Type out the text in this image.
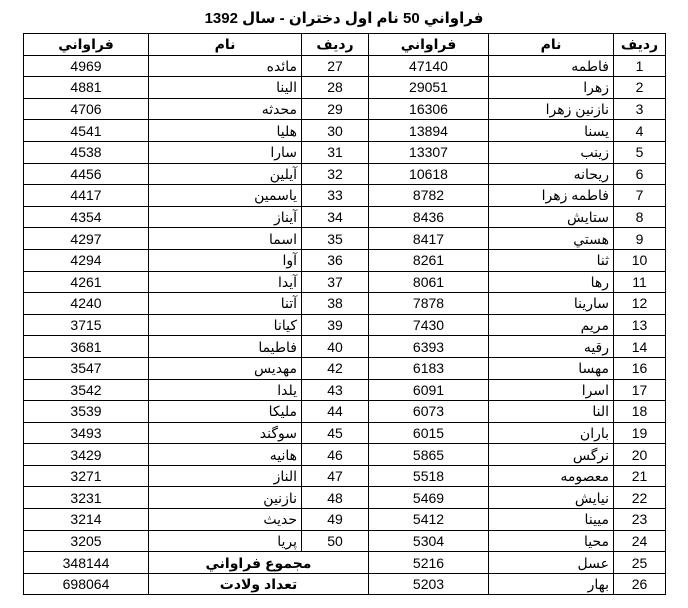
فراواني 50 نام اول دختران - سال 1392
فراواني	نام	رديف	فراواني	نام	رديف
4969	مائده	27	47140	فاطمه	1
4881	الينا	28	29051	زهرا	2
4706	محدثه	29	16306	نازنين زهرا	3
4541	هليا	30	13894	يسنا	4
4538	سارا	31	13307	زينب	5
4456	آيلين	32	10618	ريحانه	6
4417	ياسمين	33	8782	فاطمه زهرا	7
4354	آيناز	34	8436	ستايش	8
4297	اسما	35	8417	هستي	9
4294	آوا	36	8261	ثنا	10
4261	آيدا	37	8061	رها	11
4240	آتنا	38	7878	سارينا	12
3715	كيانا	39	7430	مريم	13
3681	فاطيما	40	6393	رقيه	14
3547	مهديس	42	6183	مهسا	16
3542	يلدا	43	6091	اسرا	17
3539	مليكا	44	6073	النا	18
3493	سوگند	45	6015	باران	19
3429	هانيه	46	5865	نرگس	20
3271	الناز	47	5518	معصومه	21
3231	نازنين	48	5469	نيايش	22
3214	حديث	49	5412	ميينا	23
3205	پريا	50	5304	محيا	24
348144	مجموع فراواني		5216	عسل	25
698064	تعداد ولادت		5203	بهار	26
